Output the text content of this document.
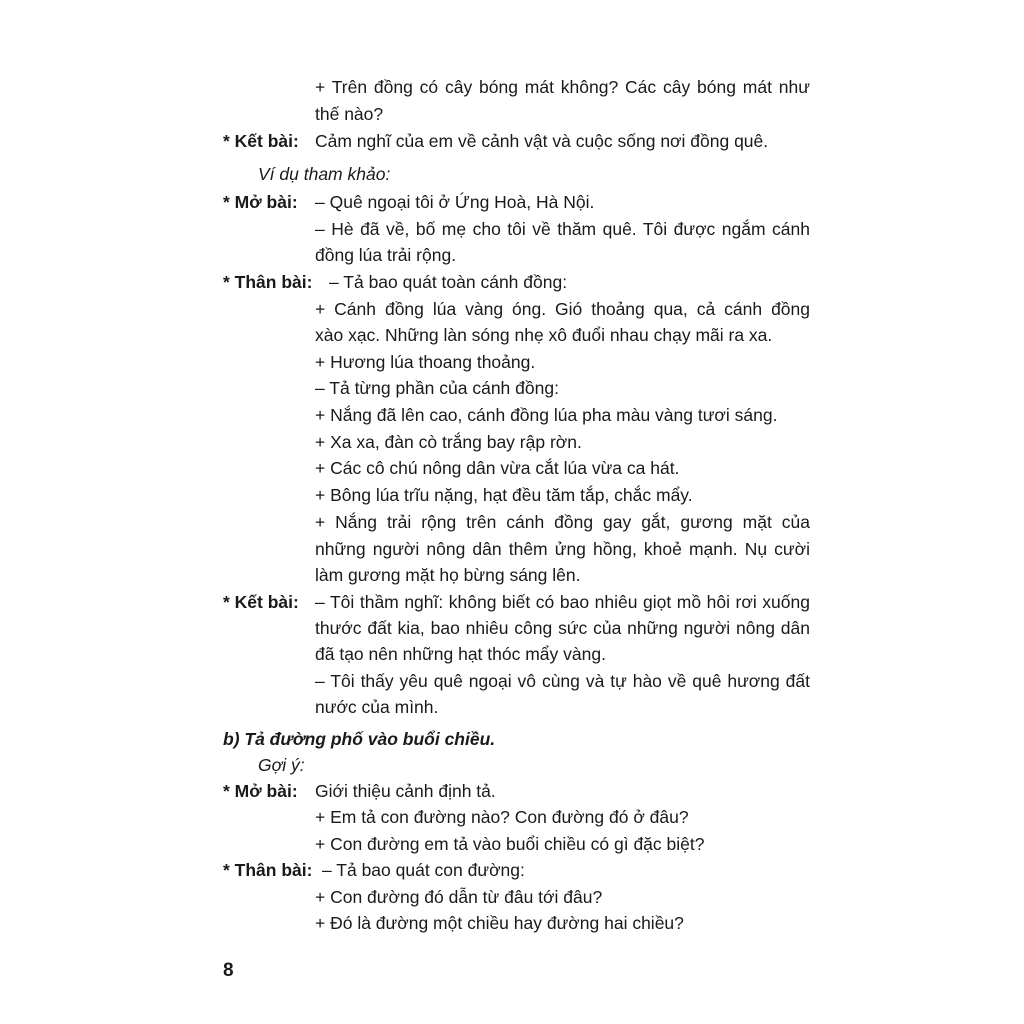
+ Trên đồng có cây bóng mát không? Các cây bóng mát như
thế nào?
* Kết bài: Cảm nghĩ của em về cảnh vật và cuộc sống nơi đồng quê.
Ví dụ tham khảo:
* Mở bài: – Quê ngoại tôi ở Ứng Hoà, Hà Nội.
– Hè đã về, bố mẹ cho tôi về thăm quê. Tôi được ngắm cánh
đồng lúa trải rộng.
* Thân bài: – Tả bao quát toàn cánh đồng:
+ Cánh đồng lúa vàng óng. Gió thoảng qua, cả cánh đồng
xào xạc. Những làn sóng nhẹ xô đuổi nhau chạy mãi ra xa.
+ Hương lúa thoang thoảng.
– Tả từng phần của cánh đồng:
+ Nắng đã lên cao, cánh đồng lúa pha màu vàng tươi sáng.
+ Xa xa, đàn cò trắng bay rập rờn.
+ Các cô chú nông dân vừa cắt lúa vừa ca hát.
+ Bông lúa trĩu nặng, hạt đều tăm tắp, chắc mẩy.
+ Nắng trải rộng trên cánh đồng gay gắt, gương mặt của
những người nông dân thêm ửng hồng, khoẻ mạnh. Nụ cười
làm gương mặt họ bừng sáng lên.
* Kết bài: – Tôi thầm nghĩ: không biết có bao nhiêu giọt mồ hôi rơi xuống
thước đất kia, bao nhiêu công sức của những người nông dân
đã tạo nên những hạt thóc mẩy vàng.
– Tôi thấy yêu quê ngoại vô cùng và tự hào về quê hương đất
nước của mình.
b) Tả đường phố vào buổi chiều.
Gợi ý:
* Mở bài: Giới thiệu cảnh định tả.
+ Em tả con đường nào? Con đường đó ở đâu?
+ Con đường em tả vào buổi chiều có gì đặc biệt?
* Thân bài: – Tả bao quát con đường:
+ Con đường đó dẫn từ đâu tới đâu?
+ Đó là đường một chiều hay đường hai chiều?
8
